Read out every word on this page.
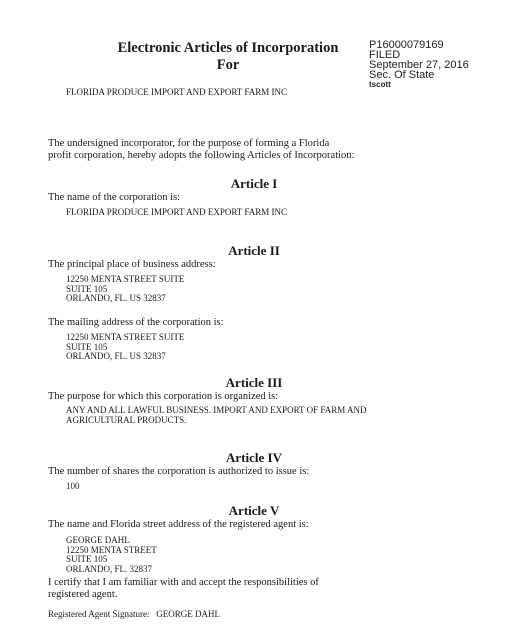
Electronic Articles of Incorporation
For
P16000079169
FILED
September 27, 2016
Sec. Of State
tscott
FLORIDA PRODUCE IMPORT AND EXPORT FARM INC
The undersigned incorporator, for the purpose of forming a Florida
profit corporation, hereby adopts the following Articles of Incorporation:
Article I
The name of the corporation is:
FLORIDA PRODUCE IMPORT AND EXPORT FARM INC
Article II
The principal place of business address:
12250 MENTA STREET SUITE
SUITE 105
ORLANDO, FL. US 32837
The mailing address of the corporation is:
12250 MENTA STREET SUITE
SUITE 105
ORLANDO, FL. US 32837
Article III
The purpose for which this corporation is organized is:
ANY AND ALL LAWFUL BUSINESS. IMPORT AND EXPORT OF FARM AND
AGRICULTURAL PRODUCTS.
Article IV
The number of shares the corporation is authorized to issue is:
100
Article V
The name and Florida street address of the registered agent is:
GEORGE DAHL
12250 MENTA STREET
SUITE 105
ORLANDO, FL. 32837
I certify that I am familiar with and accept the responsibilities of
registered agent.
Registered Agent Signature: GEORGE DAHL
